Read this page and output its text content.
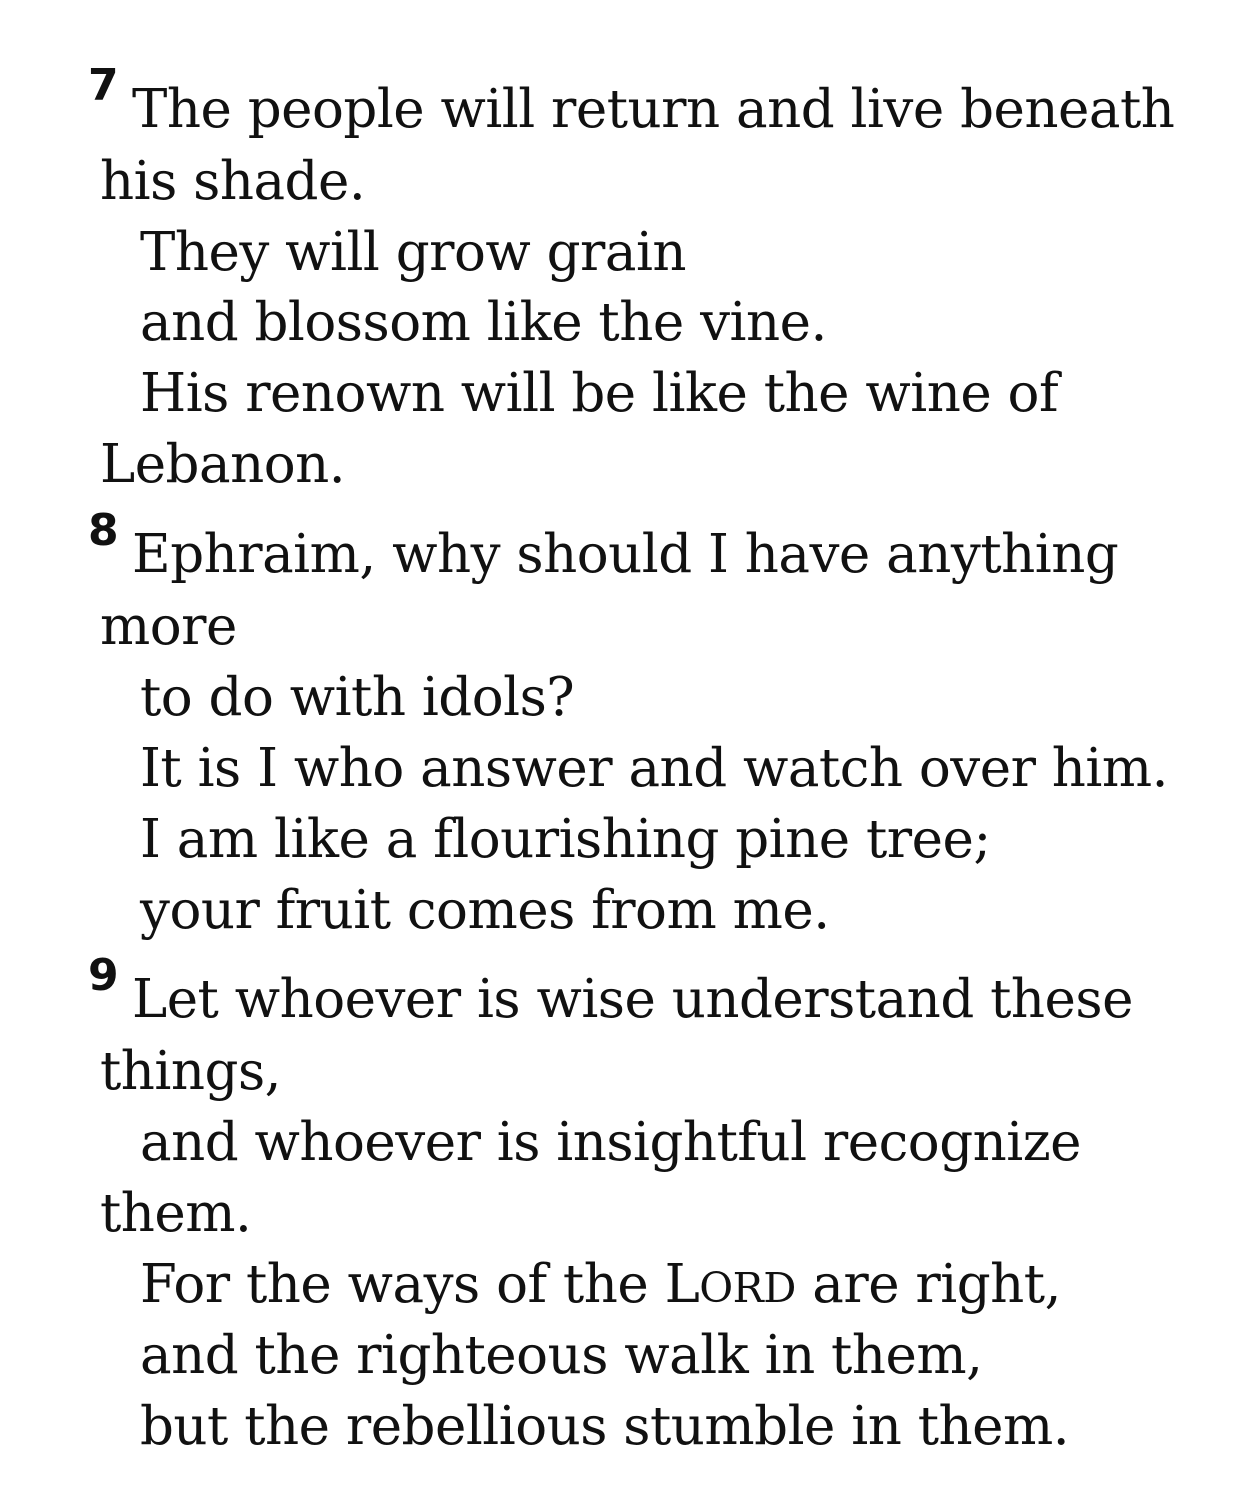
7 The people will return and live beneath
his shade.
They will grow grain
and blossom like the vine.
His renown will be like the wine of
Lebanon.
8 Ephraim, why should I have anything
more
to do with idols?
It is I who answer and watch over him.
I am like a flourishing pine tree;
your fruit comes from me.
9 Let whoever is wise understand these
things,
and whoever is insightful recognize
them.
For the ways of the LORD are right,
and the righteous walk in them,
but the rebellious stumble in them.
